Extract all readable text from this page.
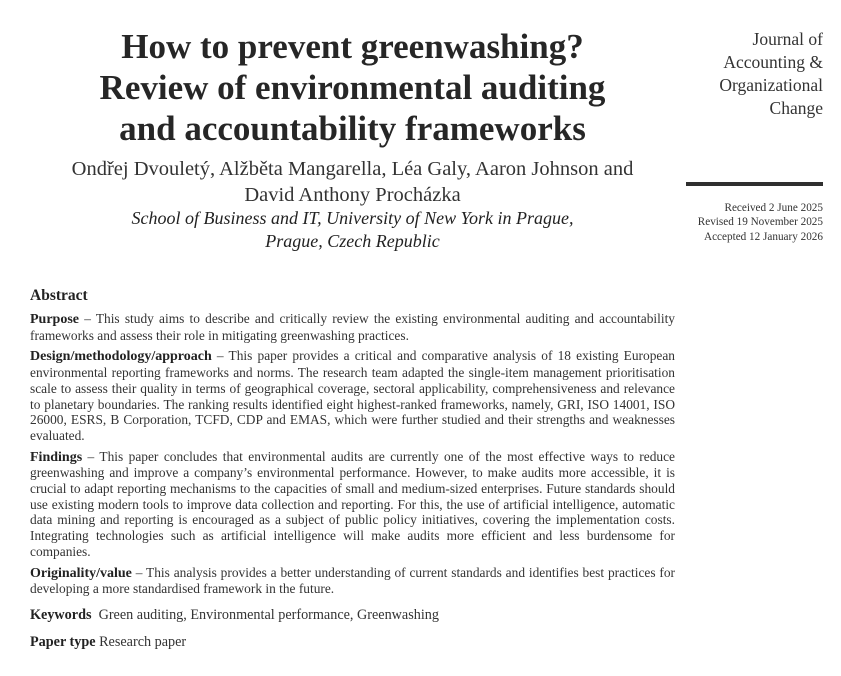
How to prevent greenwashing?
Review of environmental auditing
and accountability frameworks

Ondřej Dvouletý, Alžběta Mangarella, Léa Galy, Aaron Johnson and
David Anthony Procházka

School of Business and IT, University of New York in Prague,
Prague, Czech Republic

Journal of
Accounting &
Organizational
Change

Received 2 June 2025
Revised 19 November 2025
Accepted 12 January 2026
Abstract

Purpose – This study aims to describe and critically review the existing environmental auditing and accountability frameworks and assess their role in mitigating greenwashing practices.

Design/methodology/approach – This paper provides a critical and comparative analysis of 18 existing European environmental reporting frameworks and norms. The research team adapted the single-item management prioritisation scale to assess their quality in terms of geographical coverage, sectoral applicability, comprehensiveness and relevance to planetary boundaries. The ranking results identified eight highest-ranked frameworks, namely, GRI, ISO 14001, ISO 26000, ESRS, B Corporation, TCFD, CDP and EMAS, which were further studied and their strengths and weaknesses evaluated.

Findings – This paper concludes that environmental audits are currently one of the most effective ways to reduce greenwashing and improve a company’s environmental performance. However, to make audits more accessible, it is crucial to adapt reporting mechanisms to the capacities of small and medium-sized enterprises. Future standards should use existing modern tools to improve data collection and reporting. For this, the use of artificial intelligence, automatic data mining and reporting is encouraged as a subject of public policy initiatives, covering the implementation costs. Integrating technologies such as artificial intelligence will make audits more efficient and less burdensome for companies.

Originality/value – This analysis provides a better understanding of current standards and identifies best practices for developing a more standardised framework in the future.

Keywords Green auditing, Environmental performance, Greenwashing

Paper type Research paper
